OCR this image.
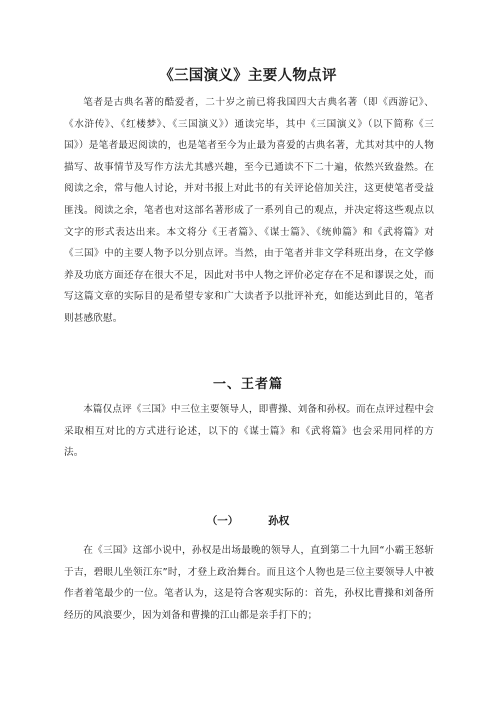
《三国演义》主要人物点评

笔者是古典名著的酷爱者，二十岁之前已将我国四大古典名著（即《西游记》、《水浒传》、《红楼梦》、《三国演义》）通读完毕，其中《三国演义》（以下简称《三国》）是笔者最迟阅读的，也是笔者至今为止最为喜爱的古典名著，尤其对其中的人物描写、故事情节及写作方法尤其感兴趣，至今已通读不下二十遍，依然兴致盎然。在阅读之余，常与他人讨论，并对书报上对此书的有关评论倍加关注，这更使笔者受益匪浅。阅读之余，笔者也对这部名著形成了一系列自己的观点，并决定将这些观点以文字的形式表达出来。本文将分《王者篇》、《谋士篇》、《统帅篇》和《武将篇》对《三国》中的主要人物予以分别点评。当然，由于笔者并非文学科班出身，在文学修养及功底方面还存在很大不足，因此对书中人物之评价必定存在不足和谬误之处，而写这篇文章的实际目的是希望专家和广大读者予以批评补充，如能达到此目的，笔者则甚感欣慰。

一、王者篇

本篇仅点评《三国》中三位主要领导人，即曹操、刘备和孙权。而在点评过程中会采取相互对比的方式进行论述，以下的《谋士篇》和《武将篇》也会采用同样的方法。

（一）	孙权

在《三国》这部小说中，孙权是出场最晚的领导人，直到第二十九回“小霸王怒斩于吉，碧眼儿坐领江东”时，才登上政治舞台。而且这个人物也是三位主要领导人中被作者着笔最少的一位。笔者认为，这是符合客观实际的：首先，孙权比曹操和刘备所经历的风浪要少，因为刘备和曹操的江山都是亲手打下的；
